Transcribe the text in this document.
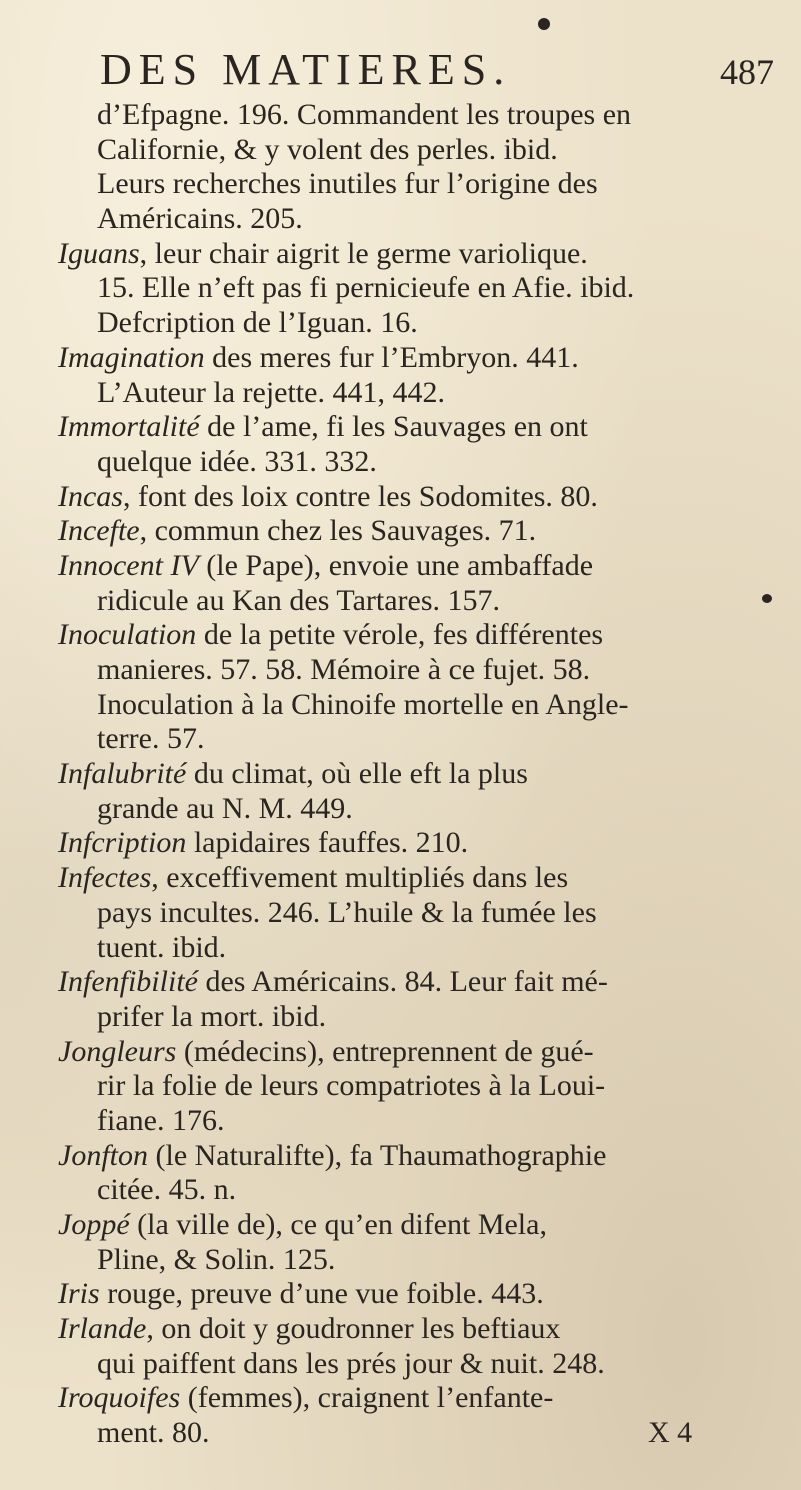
DES MATIERES.	487
d’Efpagne. 196. Commandent les troupes en
Californie, & y volent des perles. ibid.
Leurs recherches inutiles fur l’origine des
Américains. 205.
Iguans, leur chair aigrit le germe variolique.
15. Elle n’eft pas fi pernicieufe en Afie. ibid.
Defcription de l’Iguan. 16.
Imagination des meres fur l’Embryon. 441.
L’Auteur la rejette. 441, 442.
Immortalité de l’ame, fi les Sauvages en ont
quelque idée. 331. 332.
Incas, font des loix contre les Sodomites. 80.
Incefte, commun chez les Sauvages. 71.
Innocent IV (le Pape), envoie une ambaffade
ridicule au Kan des Tartares. 157.
Inoculation de la petite vérole, fes différentes
manieres. 57. 58. Mémoire à ce fujet. 58.
Inoculation à la Chinoife mortelle en Angle-
terre. 57.
Infalubrité du climat, où elle eft la plus
grande au N. M. 449.
Infcription lapidaires fauffes. 210.
Infectes, exceffivement multipliés dans les
pays incultes. 246. L’huile & la fumée les
tuent. ibid.
Infenfibilité des Américains. 84. Leur fait mé-
prifer la mort. ibid.
Jongleurs (médecins), entreprennent de gué-
rir la folie de leurs compatriotes à la Loui-
fiane. 176.
Jonfton (le Naturalifte), fa Thaumathographie
citée. 45. n.
Joppé (la ville de), ce qu’en difent Mela,
Pline, & Solin. 125.
Iris rouge, preuve d’une vue foible. 443.
Irlande, on doit y goudronner les beftiaux
qui paiffent dans les prés jour & nuit. 248.
Iroquoifes (femmes), craignent l’enfante-
ment. 80.	X 4
